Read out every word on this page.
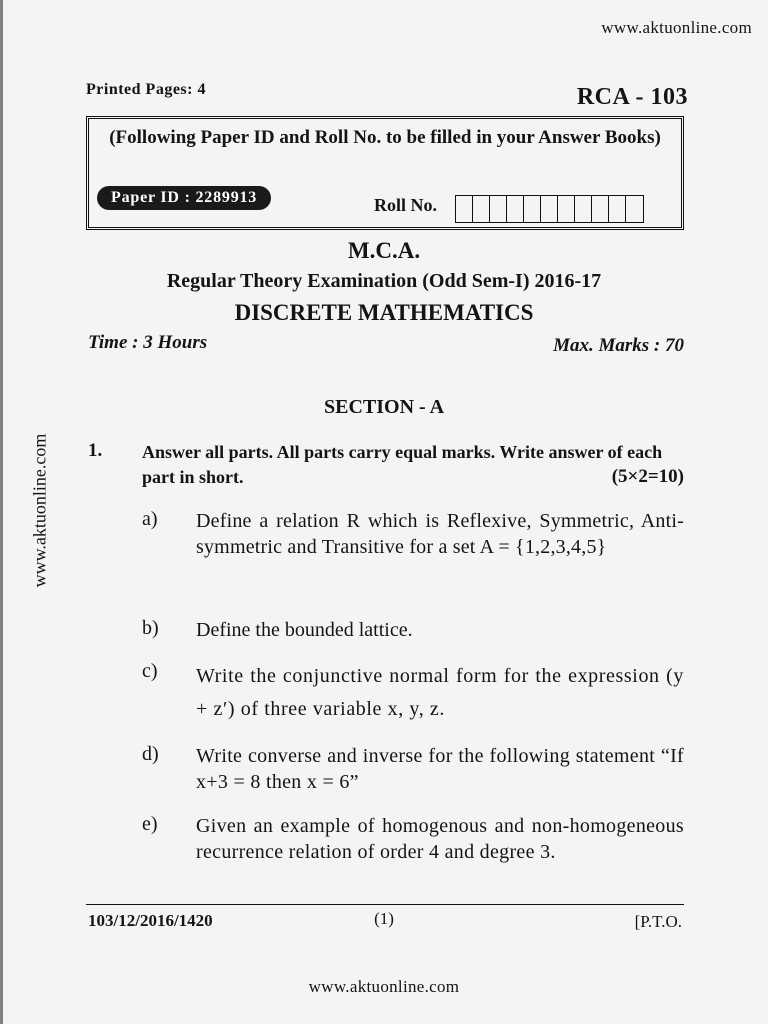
www.aktuonline.com
www.aktuonline.com
Printed Pages: 4	RCA - 103
(Following Paper ID and Roll No. to be filled in your Answer Books)
Paper ID : 2289913	Roll No.
M.C.A.
Regular Theory Examination (Odd Sem-I) 2016-17
DISCRETE MATHEMATICS
Time : 3 Hours	Max. Marks : 70
SECTION - A
1. Answer all parts. All parts carry equal marks. Write answer of each part in short.	(5×2=10)
a) Define a relation R which is Reflexive, Symmetric, Anti-symmetric and Transitive for a set A = {1,2,3,4,5}
b) Define the bounded lattice.
c) Write the conjunctive normal form for the expression (y + z′) of three variable x, y, z.
d) Write converse and inverse for the following statement “If x+3 = 8 then x = 6”
e) Given an example of homogenous and non-homogeneous recurrence relation of order 4 and degree 3.
103/12/2016/1420	(1)	[P.T.O.
www.aktuonline.com
